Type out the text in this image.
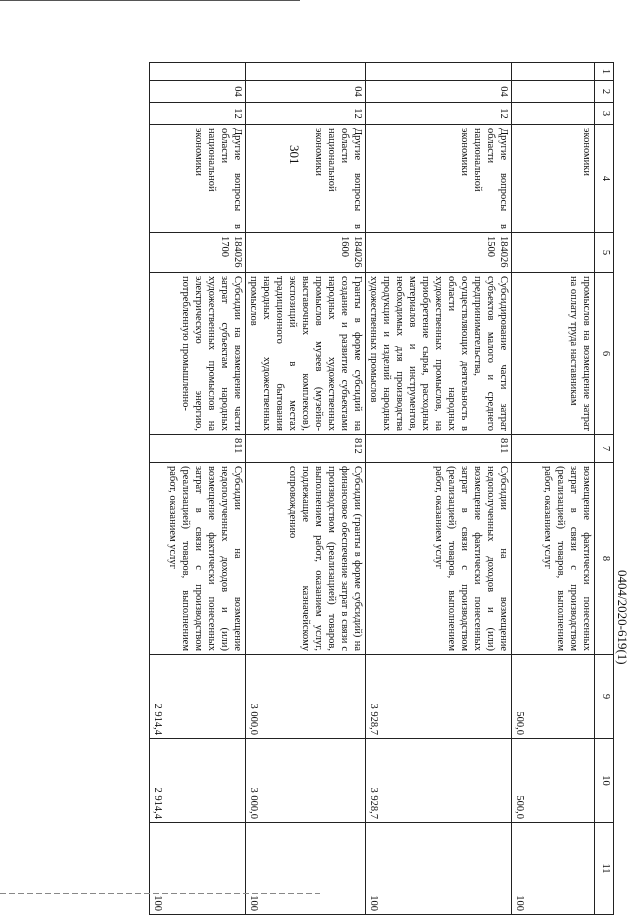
301
0404/2020-619(1)
1	2	3	4	5	6	7	8	9	10	11
			экономики		промыслов на возмещение затрат на оплату труда наставникам		возмещение фактически понесенных затрат в связи с производством (реализацией) товаров, выполнением работ, оказанием услуг	500,0	500,0	100
	04	12	Другие вопросы в области национальной экономики	184026 1500	Субсидирование части затрат субъектов малого и среднего предпринимательства, осуществляющих деятельность в области народных художественных промыслов, на приобретение сырья, расходных материалов и инструментов, необходимых для производства продукции и изделий народных художественных промыслов	811	Субсидии на возмещение недополученных доходов и (или) возмещение фактически понесенных затрат в связи с производством (реализацией) товаров, выполнением работ, оказанием услуг	3 928,7	3 928,7	100
	04	12	Другие вопросы в области национальной экономики	184026 1600	Гранты в форме субсидий на создание и развитие субъектами народных художественных промыслов музеев (музейно-выставочных комплексов), экспозиций в местах традиционного бытования народных художественных промыслов	812	Субсидии (гранты в форме субсидий) на финансовое обеспечение затрат в связи с производством (реализацией) товаров, выполнением работ, оказанием услуг, подлежащие казначейскому сопровождению	3 000,0	3 000,0	100
	04	12	Другие вопросы в области национальной экономики	184026 1700	Субсидии на возмещение части затрат субъектам народных художественных промыслов на электрическую энергию, потребленную промышленно-	811	Субсидии на возмещение недополученных доходов и (или) возмещение фактически понесенных затрат в связи с производством (реализацией) товаров, выполнением работ, оказанием услуг	2 914,4	2 914,4	100
